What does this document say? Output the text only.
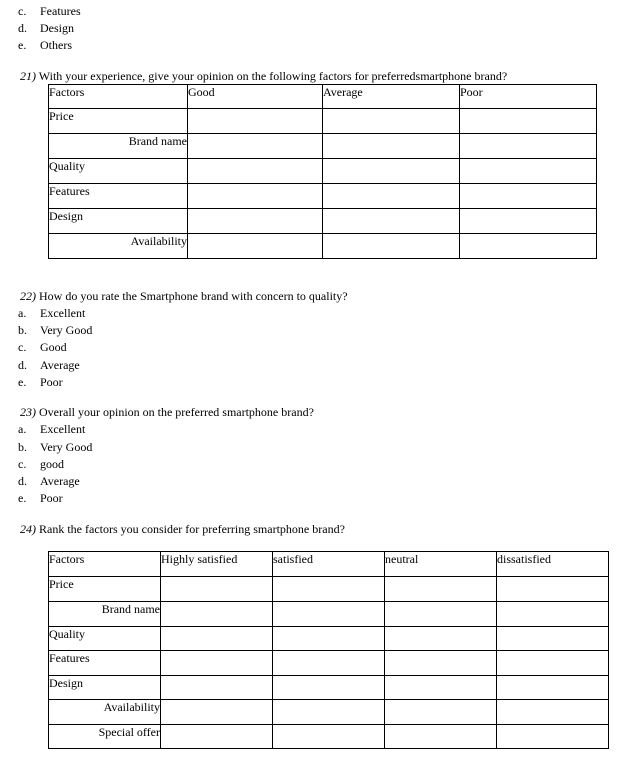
c. Features
d. Design
e. Others
21) With your experience, give your opinion on the following factors for preferredsmartphone brand?
Factors	Good	Average	Poor
Price			
Brand name			
Quality			
Features			
Design			
Availability			
22) How do you rate the Smartphone brand with concern to quality?
a. Excellent
b. Very Good
c. Good
d. Average
e. Poor
23) Overall your opinion on the preferred smartphone brand?
a. Excellent
b. Very Good
c. good
d. Average
e. Poor
24) Rank the factors you consider for preferring smartphone brand?
Factors	Highly satisfied	satisfied	neutral	dissatisfied
Price				
Brand name				
Quality				
Features				
Design				
Availability				
Special offer				
